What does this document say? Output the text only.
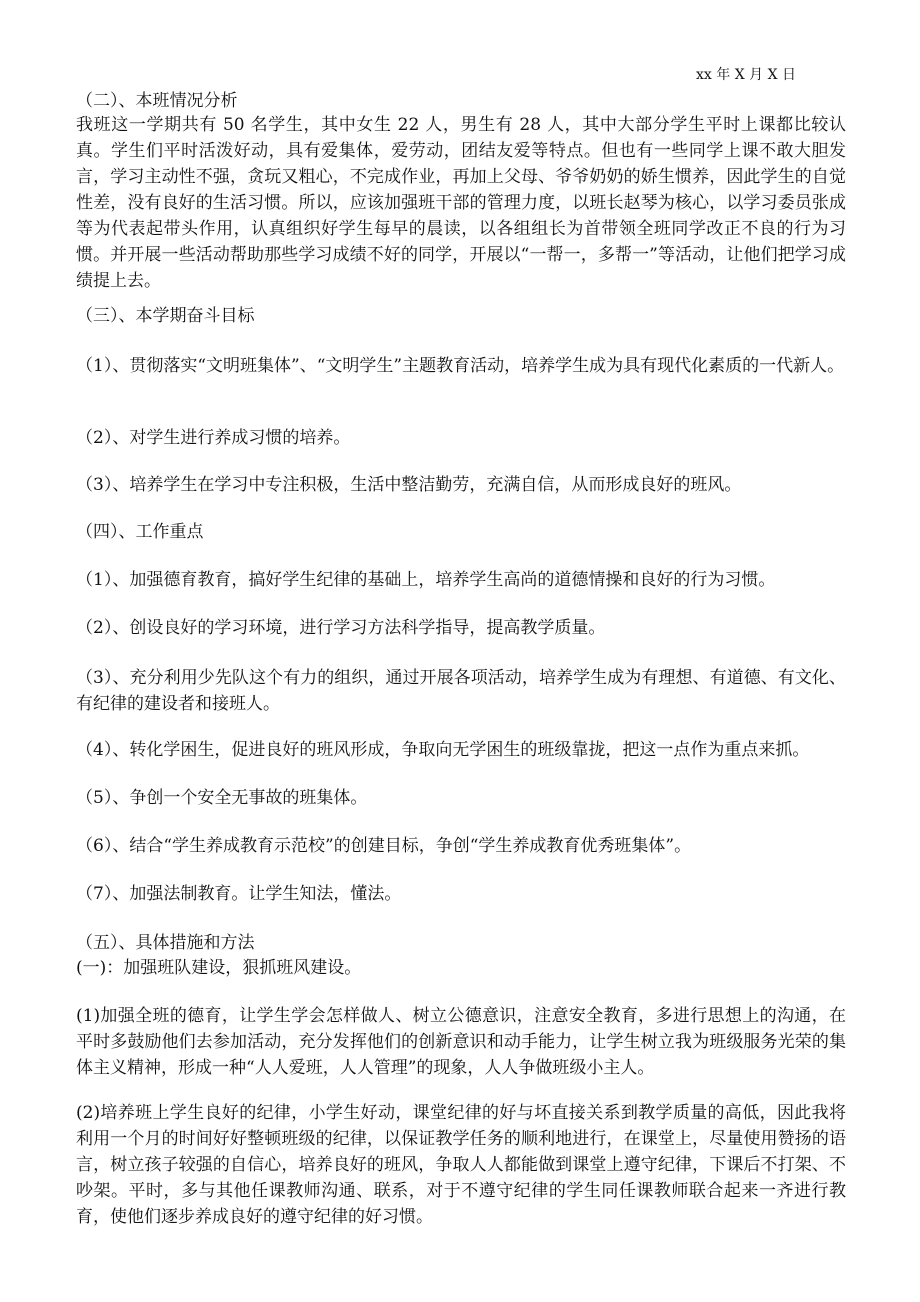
xx 年 X 月 X 日
（二）、本班情况分析
我班这一学期共有 50 名学生，其中女生 22 人，男生有 28 人，其中大部分学生平时上课都比较认真。学生们平时活泼好动，具有爱集体，爱劳动，团结友爱等特点。但也有一些同学上课不敢大胆发言，学习主动性不强，贪玩又粗心，不完成作业，再加上父母、爷爷奶奶的娇生惯养，因此学生的自觉性差，没有良好的生活习惯。所以，应该加强班干部的管理力度，以班长赵琴为核心，以学习委员张成等为代表起带头作用，认真组织好学生每早的晨读，以各组组长为首带领全班同学改正不良的行为习惯。并开展一些活动帮助那些学习成绩不好的同学，开展以“一帮一，多帮一”等活动，让他们把学习成绩提上去。
（三）、本学期奋斗目标
（1）、贯彻落实“文明班集体”、“文明学生”主题教育活动，培养学生成为具有现代化素质的一代新人。
（2）、对学生进行养成习惯的培养。
（3）、培养学生在学习中专注积极，生活中整洁勤劳，充满自信，从而形成良好的班风。
（四）、工作重点
（1）、加强德育教育，搞好学生纪律的基础上，培养学生高尚的道德情操和良好的行为习惯。
（2）、创设良好的学习环境，进行学习方法科学指导，提高教学质量。
（3）、充分利用少先队这个有力的组织，通过开展各项活动，培养学生成为有理想、有道德、有文化、有纪律的建设者和接班人。
（4）、转化学困生，促进良好的班风形成，争取向无学困生的班级靠拢，把这一点作为重点来抓。
（5）、争创一个安全无事故的班集体。
（6）、结合“学生养成教育示范校”的创建目标，争创“学生养成教育优秀班集体”。
（7）、加强法制教育。让学生知法，懂法。
（五）、具体措施和方法
(一)：加强班队建设，狠抓班风建设。
(1)加强全班的德育，让学生学会怎样做人、树立公德意识，注意安全教育，多进行思想上的沟通，在平时多鼓励他们去参加活动，充分发挥他们的创新意识和动手能力，让学生树立我为班级服务光荣的集体主义精神，形成一种“人人爱班，人人管理”的现象，人人争做班级小主人。
(2)培养班上学生良好的纪律，小学生好动，课堂纪律的好与坏直接关系到教学质量的高低，因此我将利用一个月的时间好好整顿班级的纪律，以保证教学任务的顺利地进行，在课堂上，尽量使用赞扬的语言，树立孩子较强的自信心，培养良好的班风，争取人人都能做到课堂上遵守纪律，下课后不打架、不吵架。平时，多与其他任课教师沟通、联系，对于不遵守纪律的学生同任课教师联合起来一齐进行教育，使他们逐步养成良好的遵守纪律的好习惯。
